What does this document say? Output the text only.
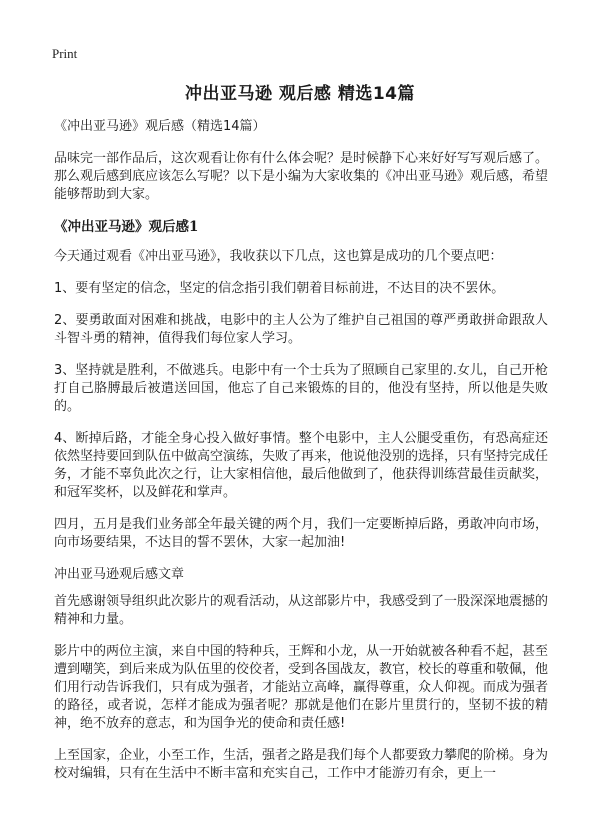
Print
冲出亚马逊 观后感 精选14篇

《冲出亚马逊》观后感（精选14篇）

品味完一部作品后，这次观看让你有什么体会呢？是时候静下心来好好写写观后感了。那么观后感到底应该怎么写呢？以下是小编为大家收集的《冲出亚马逊》观后感，希望能够帮助到大家。

《冲出亚马逊》观后感1

今天通过观看《冲出亚马逊》，我收获以下几点，这也算是成功的几个要点吧：

1、要有坚定的信念，坚定的信念指引我们朝着目标前进，不达目的决不罢休。

2、要勇敢面对困难和挑战，电影中的主人公为了维护自己祖国的尊严勇敢拼命跟敌人斗智斗勇的精神，值得我们每位家人学习。

3、坚持就是胜利，不做逃兵。电影中有一个士兵为了照顾自己家里的.女儿，自己开枪打自己胳膊最后被遣送回国，他忘了自己来锻炼的目的，他没有坚持，所以他是失败的。

4、断掉后路，才能全身心投入做好事情。整个电影中，主人公腿受重伤，有恐高症还依然坚持要回到队伍中做高空演练，失败了再来，他说他没别的选择，只有坚持完成任务，才能不辜负此次之行，让大家相信他，最后他做到了，他获得训练营最佳贡献奖，和冠军奖杯，以及鲜花和掌声。

四月，五月是我们业务部全年最关键的两个月，我们一定要断掉后路，勇敢冲向市场，向市场要结果，不达目的誓不罢休，大家一起加油!

冲出亚马逊观后感文章

首先感谢领导组织此次影片的观看活动，从这部影片中，我感受到了一股深深地震撼的精神和力量。

影片中的两位主演，来自中国的特种兵，王辉和小龙，从一开始就被各种看不起，甚至遭到嘲笑，到后来成为队伍里的佼佼者，受到各国战友，教官，校长的尊重和敬佩，他们用行动告诉我们，只有成为强者，才能站立高峰，赢得尊重，众人仰视。而成为强者的路径，或者说，怎样才能成为强者呢？那就是他们在影片里贯行的，坚韧不拔的精神，绝不放弃的意志，和为国争光的使命和责任感!

上至国家，企业，小至工作，生活，强者之路是我们每个人都要致力攀爬的阶梯。身为校对编辑，只有在生活中不断丰富和充实自己，工作中才能游刃有余，更上一
